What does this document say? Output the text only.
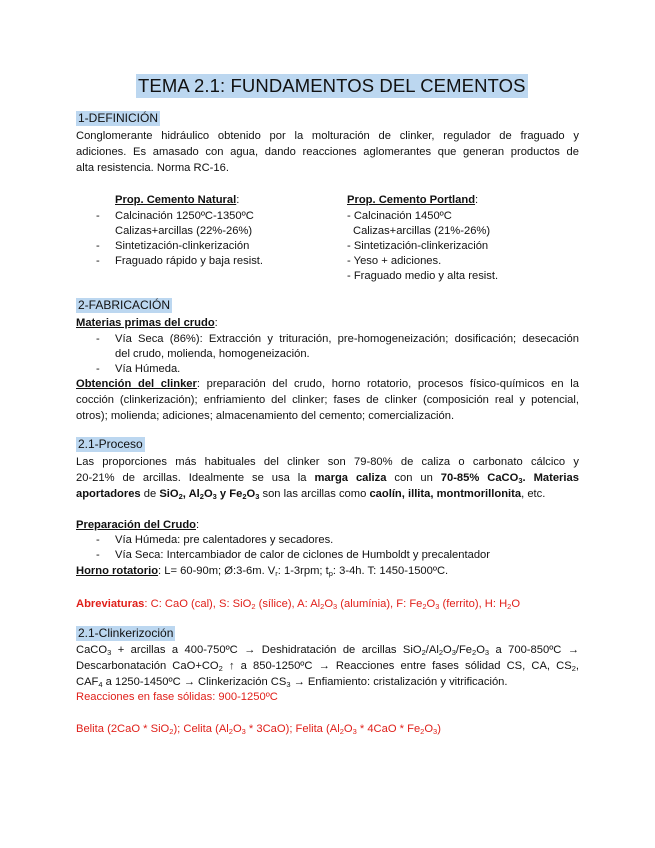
TEMA 2.1: FUNDAMENTOS DEL CEMENTOS
1-DEFINICIÓN
Conglomerante hidráulico obtenido por la molturación de clinker, regulador de fraguado y
adiciones. Es amasado con agua, dando reacciones aglomerantes que generan productos de
alta resistencia. Norma RC-16.
Prop. Cemento Natural:
- Calcinación 1250ºC-1350ºC
Calizas+arcillas (22%-26%)
- Sintetización-clinkerización
- Fraguado rápido y baja resist.
Prop. Cemento Portland:
- Calcinación 1450ºC
Calizas+arcillas (21%-26%)
- Sintetización-clinkerización
- Yeso + adiciones.
- Fraguado medio y alta resist.
2-FABRICACIÓN
Materias primas del crudo:
- Vía Seca (86%): Extracción y trituración, pre-homogeneización; dosificación; desecación
del crudo, molienda, homogeneización.
- Vía Húmeda.
Obtención del clinker: preparación del crudo, horno rotatorio, procesos físico-químicos en la
cocción (clinkerización); enfriamiento del clinker; fases de clinker (composición real y potencial,
otros); molienda; adiciones; almacenamiento del cemento; comercialización.
2.1-Proceso
Las proporciones más habituales del clinker son 79-80% de caliza o carbonato cálcico y
20-21% de arcillas. Idealmente se usa la marga caliza con un 70-85% CaCO$_3$. Materias
aportadores de SiO$_2$, $Al_2O_3$ y $Fe_2O_3$ son las arcillas como caolín, illita, montmorillonita, etc.
Preparación del Crudo:
- Vía Húmeda: pre calentadores y secadores.
- Vía Seca: Intercambiador de calor de ciclones de Humboldt y precalentador
Horno rotatorio: L= 60-90m; Ø:3-6m. $V_r$: 1-3rpm; $t_p$: 3-4h. T: 1450-1500ºC.
Abreviaturas: C: CaO (cal), S: SiO$_2$ (sílice), A: $Al_2O_3$ (alumínia), F: $Fe_2O_3$ (ferrito), H: $H_2O$
2.1-Clinkerizoción
CaCO$_3$ + arcillas a 400-750ºC → Deshidratación de arcillas $SiO_2/Al_2O_3/Fe_2O_3$ a 700-850ºC →
Descarbonatación $CaO+CO_2$ ↑ a 850-1250ºC → Reacciones entre fases sólidad CS, CA, $CS_2$,
$CAF_4$ a 1250-1450ºC → Clinkerización $CS_3$ → Enfiamiento: cristalización y vitrificación.
Reacciones en fase sólidas: 900-1250ºC
Belita (2CaO * SiO$_2$); Celita $(Al_2O_3 * 3CaO)$; Felita $(Al_2O_3 * 4CaO * Fe_2O_3)$
